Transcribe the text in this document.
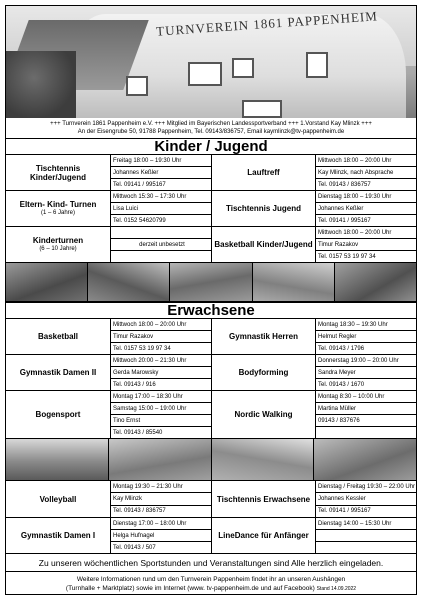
TURNVEREIN 1861 PAPPENHEIM
+++ Turnverein 1861 Pappenheim e.V. +++ Mitglied im Bayerischen Landessportverband +++ 1.Vorstand Kay Mlinzk +++
An der Eisengrube 50, 91788 Pappenheim, Tel. 09143/836757, Email kaymlinzk@tv-pappenheim.de
Kinder / Jugend
Tischtennis Kinder/Jugend
Freitag 18:00 – 19:30 Uhr
Johannes Keßler
Tel. 09141 / 995167
Lauftreff
Mittwoch 18:00 – 20:00 Uhr
Kay Mlinzk, nach Absprache
Tel. 09143 / 836757
Eltern- Kind- Turnen
(1 – 6 Jahre)
Mittwoch 15:30 – 17:30 Uhr
Lisa Luici
Tel. 0152 54620799
Tischtennis Jugend
Dienstag 18:00 – 19:30 Uhr
Johannes Keßler
Tel. 09141 / 995167
Kinderturnen
(6 – 10 Jahre)
derzeit unbesetzt	Basketball Kinder/Jugend
Mittwoch 18:00 – 20:00 Uhr
Timur Razakov
Tel. 0157 53 19 97 34
Erwachsene
Basketball
Mittwoch 18:00 – 20:00 Uhr
Timur Razakov
Tel. 0157 53 19 97 34
Gymnastik Herren
Montag 18:30 – 19:30 Uhr
Helmut Regler
Tel. 09143 / 1796
Gymnastik Damen II
Mittwoch 20:00 – 21:30 Uhr
Gerda Marowsky
Tel. 09143 / 916
Bodyforming
Donnerstag 19:00 – 20:00 Uhr
Sandra Meyer
Tel. 09143 / 1670
Bogensport
Montag 17:00 – 18:30 Uhr
Samstag 15:00 – 19:00 Uhr
Tino Ernst
Tel. 09143 / 85540
Nordic Walking
Montag 8:30 – 10:00 Uhr
Martina Müller
09143 / 837676
Volleyball
Montag 19:30 – 21:30 Uhr
Kay Mlinzk
Tel. 09143 / 836757
Tischtennis Erwachsene
Dienstag / Freitag 19:30 – 22:00 Uhr
Johannes Kessler
Tel. 09141 / 995167
Gymnastik Damen I
Dienstag 17:00 – 18:00 Uhr
Helga Hufnagel
Tel. 09143 / 507
LineDance für Anfänger
Dienstag 14:00 – 15:30 Uhr
Zu unseren wöchentlichen Sportstunden und Veranstaltungen sind Alle herzlich eingeladen.
Weitere Informationen rund um den Turnverein Pappenheim findet ihr an unseren Aushängen
(Turnhalle + Marktplatz) sowie im Internet (www. tv-pappenheim.de und auf Facebook) Stand 14.09.2022
